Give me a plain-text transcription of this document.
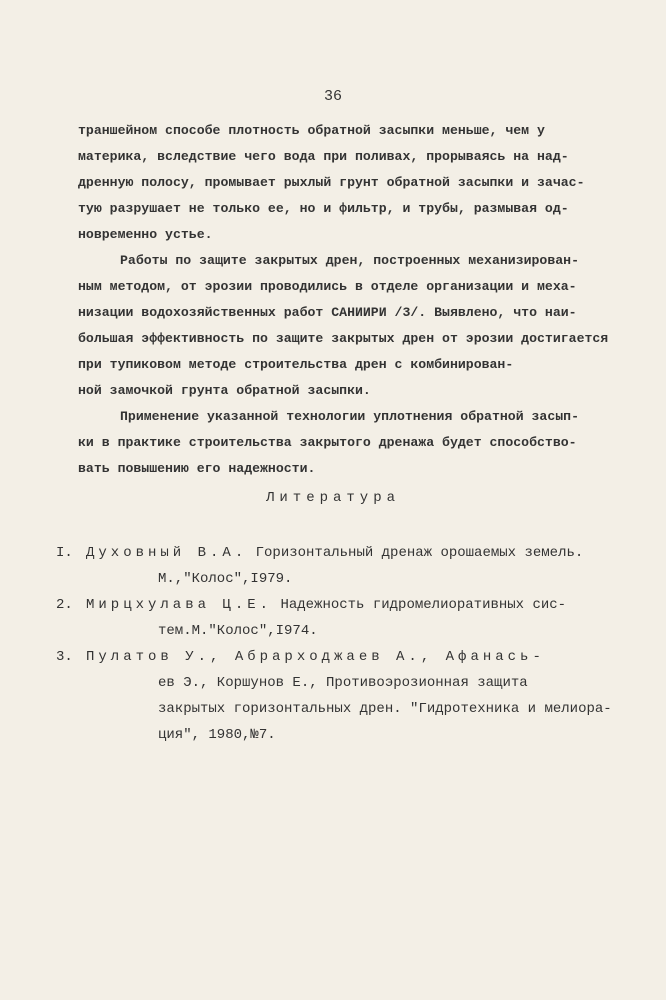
36

траншейном способе плотность обратной засыпки меньше, чем у
материка, вследствие чего вода при поливах, прорываясь на над-
дренную полосу, промывает рыхлый грунт обратной засыпки и зачас-
тую разрушает не только ее, но и фильтр, и трубы, размывая од-
новременно устье.

Работы по защите закрытых дрен, построенных механизирован-
ным методом, от эрозии проводились в отделе организации и меха-
низации водохозяйственных работ САНИИРИ /3/. Выявлено, что наи-
большая эффективность по защите закрытых дрен от эрозии достигается
при тупиковом методе строительства дрен с комбинирован-
ной замочкой грунта обратной засыпки.

Применение указанной технологии уплотнения обратной засып-
ки в практике строительства закрытого дренажа будет способство-
вать повышению его надежности.

Литература
I. Духовный В.А. Горизонтальный дренаж орошаемых земель.
М.,"Колос",I979.
2. Мирцхулава Ц.Е. Надежность гидромелиоративных сис-
тем.М."Колос",I974.
3. Пулатов У., Абрарходжаев А., Афанась-
ев Э., Коршунов Е., Противоэрозионная защита
закрытых горизонтальных дрен. "Гидротехника и мелиора-
ция", 1980,№7.
